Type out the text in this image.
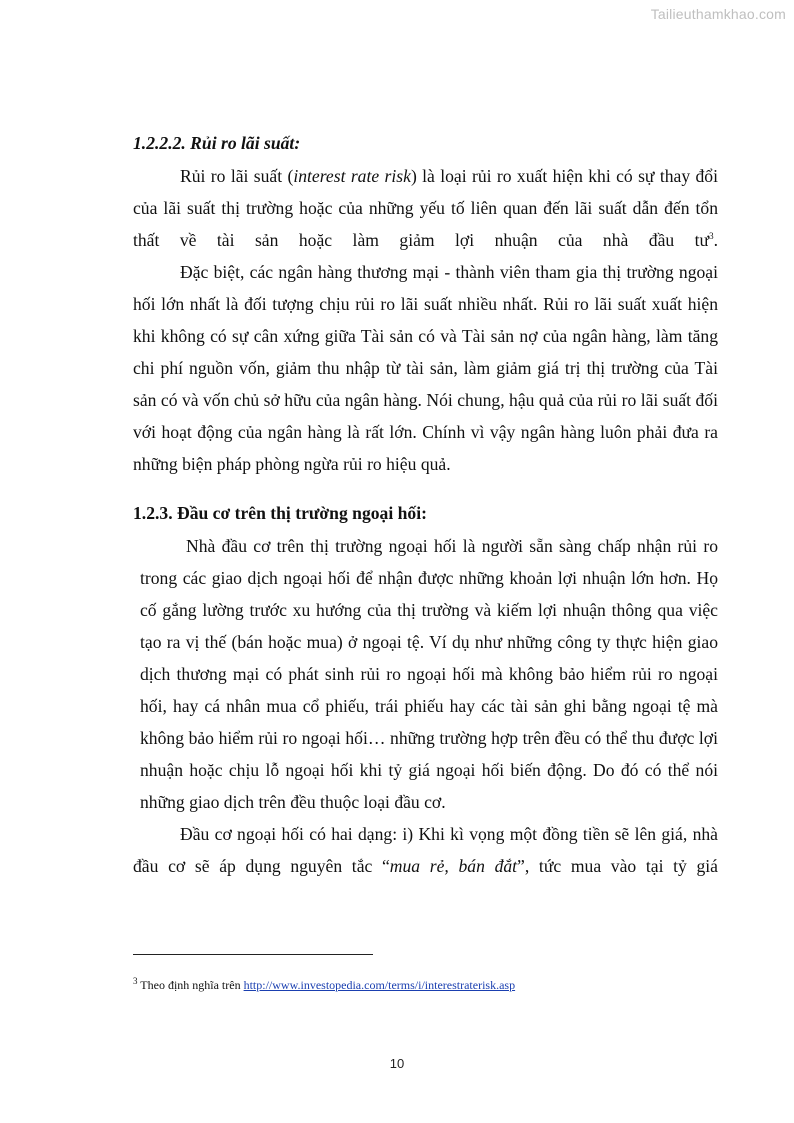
Tailieuthamkhao.com

1.2.2.2. Rủi ro lãi suất:

Rủi ro lãi suất (interest rate risk) là loại rủi ro xuất hiện khi có sự thay đổi của lãi suất thị trường hoặc của những yếu tố liên quan đến lãi suất dẫn đến tổn thất về tài sản hoặc làm giảm lợi nhuận của nhà đầu $tư^3$.

Đặc biệt, các ngân hàng thương mại - thành viên tham gia thị trường ngoại hối lớn nhất là đối tượng chịu rủi ro lãi suất nhiều nhất. Rủi ro lãi suất xuất hiện khi không có sự cân xứng giữa Tài sản có và Tài sản nợ của ngân hàng, làm tăng chi phí nguồn vốn, giảm thu nhập từ tài sản, làm giảm giá trị thị trường của Tài sản có và vốn chủ sở hữu của ngân hàng. Nói chung, hậu quả của rủi ro lãi suất đối với hoạt động của ngân hàng là rất lớn. Chính vì vậy ngân hàng luôn phải đưa ra những biện pháp phòng ngừa rủi ro hiệu quả.

1.2.3. Đầu cơ trên thị trường ngoại hối:

Nhà đầu cơ trên thị trường ngoại hối là người sẵn sàng chấp nhận rủi ro trong các giao dịch ngoại hối để nhận được những khoản lợi nhuận lớn hơn. Họ cố gắng lường trước xu hướng của thị trường và kiếm lợi nhuận thông qua việc tạo ra vị thế (bán hoặc mua) ở ngoại tệ. Ví dụ như những công ty thực hiện giao dịch thương mại có phát sinh rủi ro ngoại hối mà không bảo hiểm rủi ro ngoại hối, hay cá nhân mua cổ phiếu, trái phiếu hay các tài sản ghi bằng ngoại tệ mà không bảo hiểm rủi ro ngoại hối… những trường hợp trên đều có thể thu được lợi nhuận hoặc chịu lỗ ngoại hối khi tỷ giá ngoại hối biến động. Do đó có thể nói những giao dịch trên đều thuộc loại đầu cơ.

Đầu cơ ngoại hối có hai dạng: i) Khi kì vọng một đồng tiền sẽ lên giá, nhà đầu cơ sẽ áp dụng nguyên tắc “mua rẻ, bán đắt”, tức mua vào tại tỷ giá

$^3$ Theo định nghĩa trên http://www.investopedia.com/terms/i/interestraterisk.asp
10
